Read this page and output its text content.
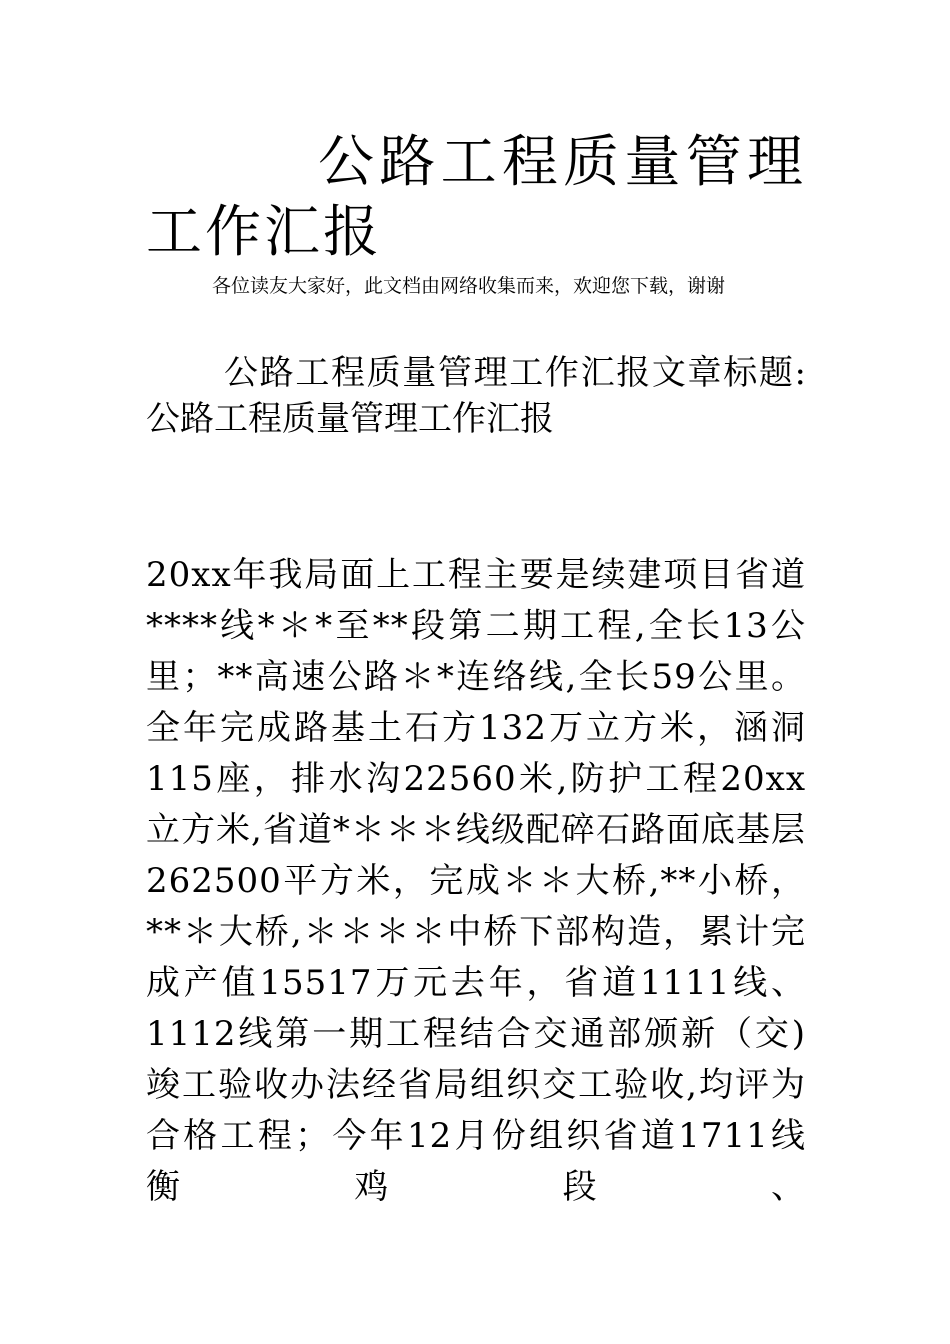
公路工程质量管理工作汇报

各位读友大家好，此文档由网络收集而来，欢迎您下载，谢谢

公路工程质量管理工作汇报文章标题:公路工程质量管理工作汇报

20xx年我局面上工程主要是续建项目省道****线*＊*至**段第二期工程,全长13公里；**高速公路＊*连络线,全长59公里。全年完成路基土石方132万立方米，涵洞115座，排水沟22560米,防护工程20xx立方米,省道*＊＊＊线级配碎石路面底基层262500平方米，完成＊＊大桥,**小桥，**＊大桥,＊＊＊＊中桥下部构造，累计完成产值15517万元去年，省道1111线、1112线第一期工程结合交通部颁新（交)竣工验收办法经省局组织交工验收,均评为合格工程；今年12月份组织省道1711线衡鸡段、
